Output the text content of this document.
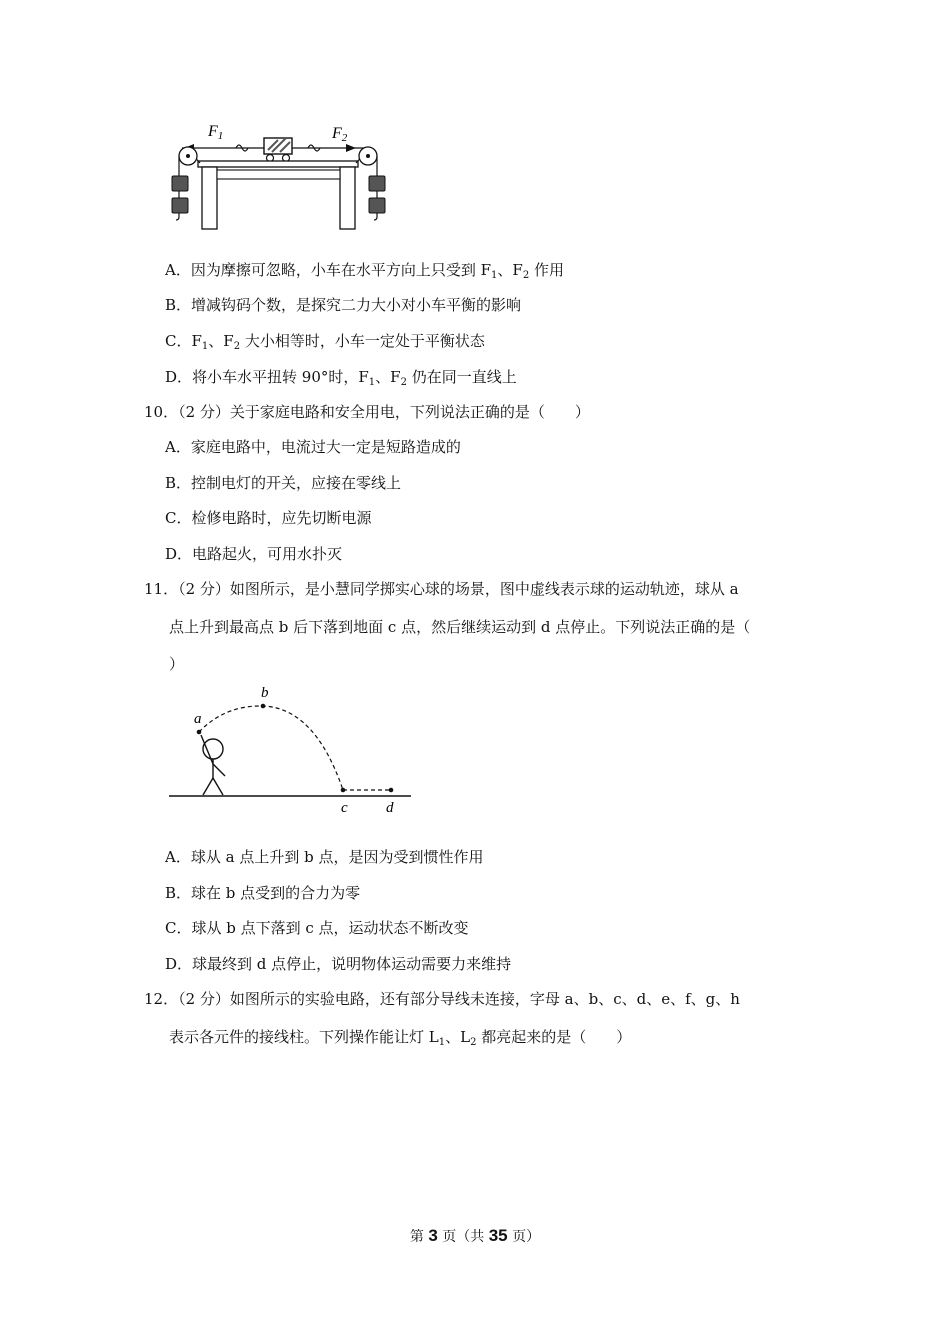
F1	F2
A．因为摩擦可忽略，小车在水平方向上只受到 $F_1$、$F_2$ 作用
B．增减钩码个数，是探究二力大小对小车平衡的影响
C．$F_1$、$F_2$ 大小相等时，小车一定处于平衡状态
D．将小车水平扭转 90°时，$F_1$、$F_2$ 仍在同一直线上
10．（2 分）关于家庭电路和安全用电，下列说法正确的是（　　）
A．家庭电路中，电流过大一定是短路造成的
B．控制电灯的开关，应接在零线上
C．检修电路时，应先切断电源
D．电路起火，可用水扑灭
11．（2 分）如图所示，是小慧同学掷实心球的场景，图中虚线表示球的运动轨迹，球从 a
点上升到最高点 b 后下落到地面 c 点，然后继续运动到 d 点停止。下列说法正确的是（
）
a
b
c	d
A．球从 a 点上升到 b 点，是因为受到惯性作用
B．球在 b 点受到的合力为零
C．球从 b 点下落到 c 点，运动状态不断改变
D．球最终到 d 点停止，说明物体运动需要力来维持
12．（2 分）如图所示的实验电路，还有部分导线未连接，字母 a、b、c、d、e、f、g、h
表示各元件的接线柱。下列操作能让灯 $L_1$、$L_2$ 都亮起来的是（　　）
第 3 页（共 35 页）
